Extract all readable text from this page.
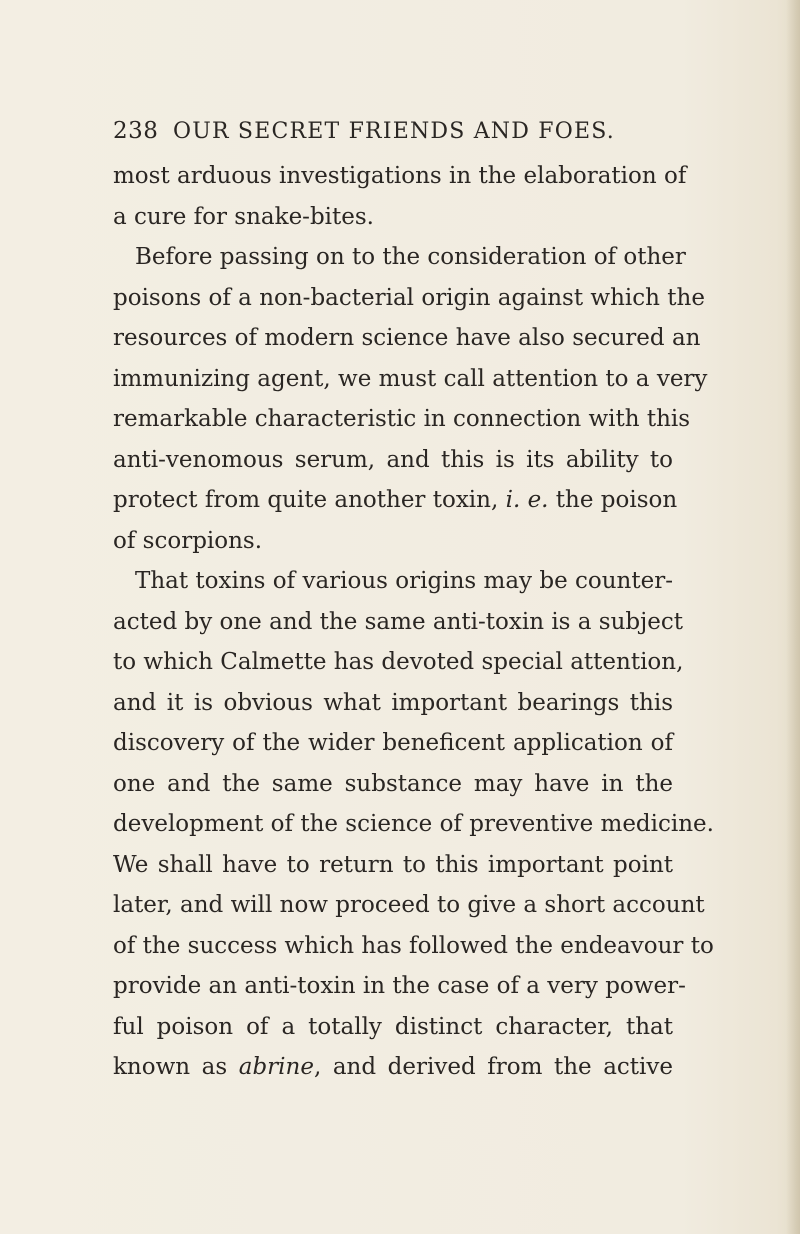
238 OUR SECRET FRIENDS AND FOES.
most arduous investigations in the elaboration of
a cure for snake-bites.
Before passing on to the consideration of other
poisons of a non-bacterial origin against which the
resources of modern science have also secured an
immunizing agent, we must call attention to a very
remarkable characteristic in connection with this
anti-venomous serum, and this is its ability to
protect from quite another toxin, i. e. the poison
of scorpions.
That toxins of various origins may be counter-
acted by one and the same anti-toxin is a subject
to which Calmette has devoted special attention,
and it is obvious what important bearings this
discovery of the wider beneficent application of
one and the same substance may have in the
development of the science of preventive medicine.
We shall have to return to this important point
later, and will now proceed to give a short account
of the success which has followed the endeavour to
provide an anti-toxin in the case of a very power-
ful poison of a totally distinct character, that
known as abrine, and derived from the active
